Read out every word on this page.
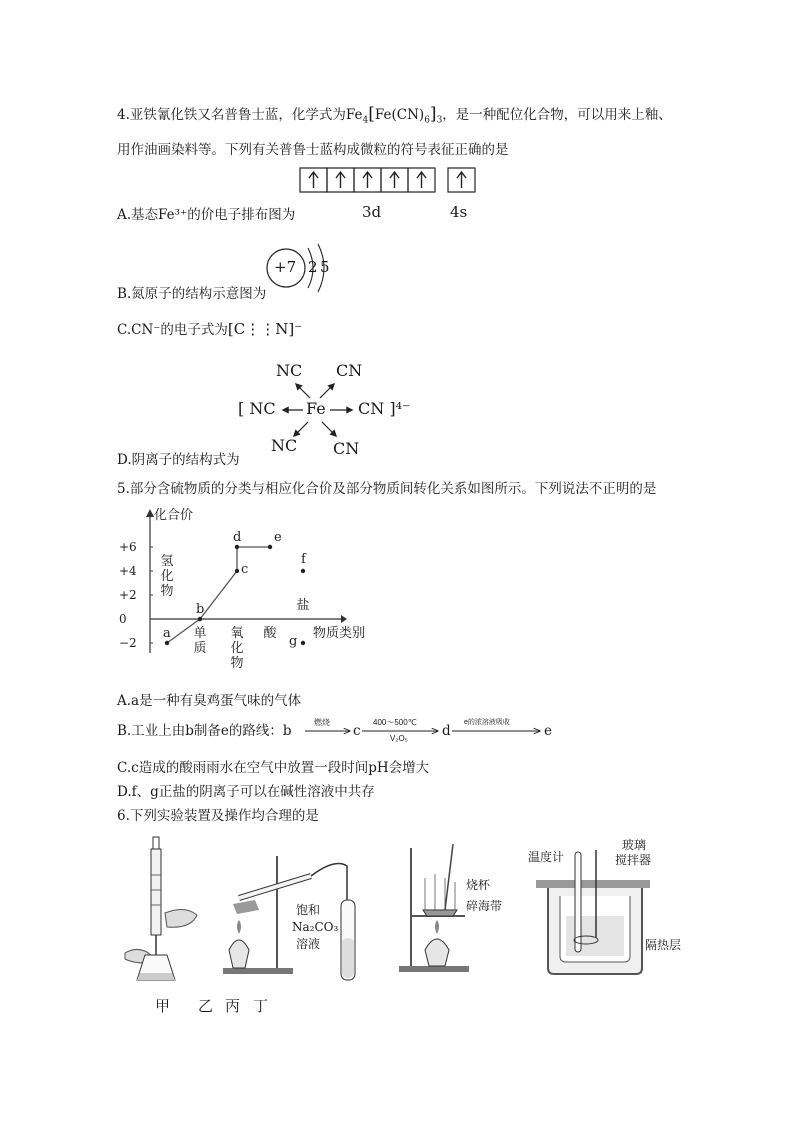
4.亚铁氰化铁又名普鲁士蓝，化学式为$Fe_4[Fe(CN)_6]_3$，是一种配位化合物，可以用来上釉、
用作油画染料等。下列有关普鲁士蓝构成微粒的符号表征正确的是
3d	4s
A.基态Fe³⁺的价电子排布图为
+7 2 5
B.氮原子的结构示意图为
C.CN⁻的电子式为[C⋮⋮N]⁻
NC CN
[ NC Fe CN ]⁴⁻
NC CN
D.阴离子的结构式为
5.部分含硫物质的分类与相应化合价及部分物质间转化关系如图所示。下列说法不正明的是
化合价
+6
+4
+2
0
−2
氢
化
物
单
质
氧
化
物
酸
盐
物质类别
a
b
c
d	e
f
g
A.a是一种有臭鸡蛋气味的气体
B.工业上由b制备e的路线：b
燃烧
c
400～500℃
V₂O₅	d
e的浓溶液吸收
e
C.c造成的酸雨雨水在空气中放置一段时间pH会增大
D.f、g正盐的阴离子可以在碱性溶液中共存
6.下列实验装置及操作均合理的是
饱和
Na₂CO₃
溶液
烧杯
碎海带
温度计
玻璃
搅拌器
隔热层
甲 乙 丙 丁
